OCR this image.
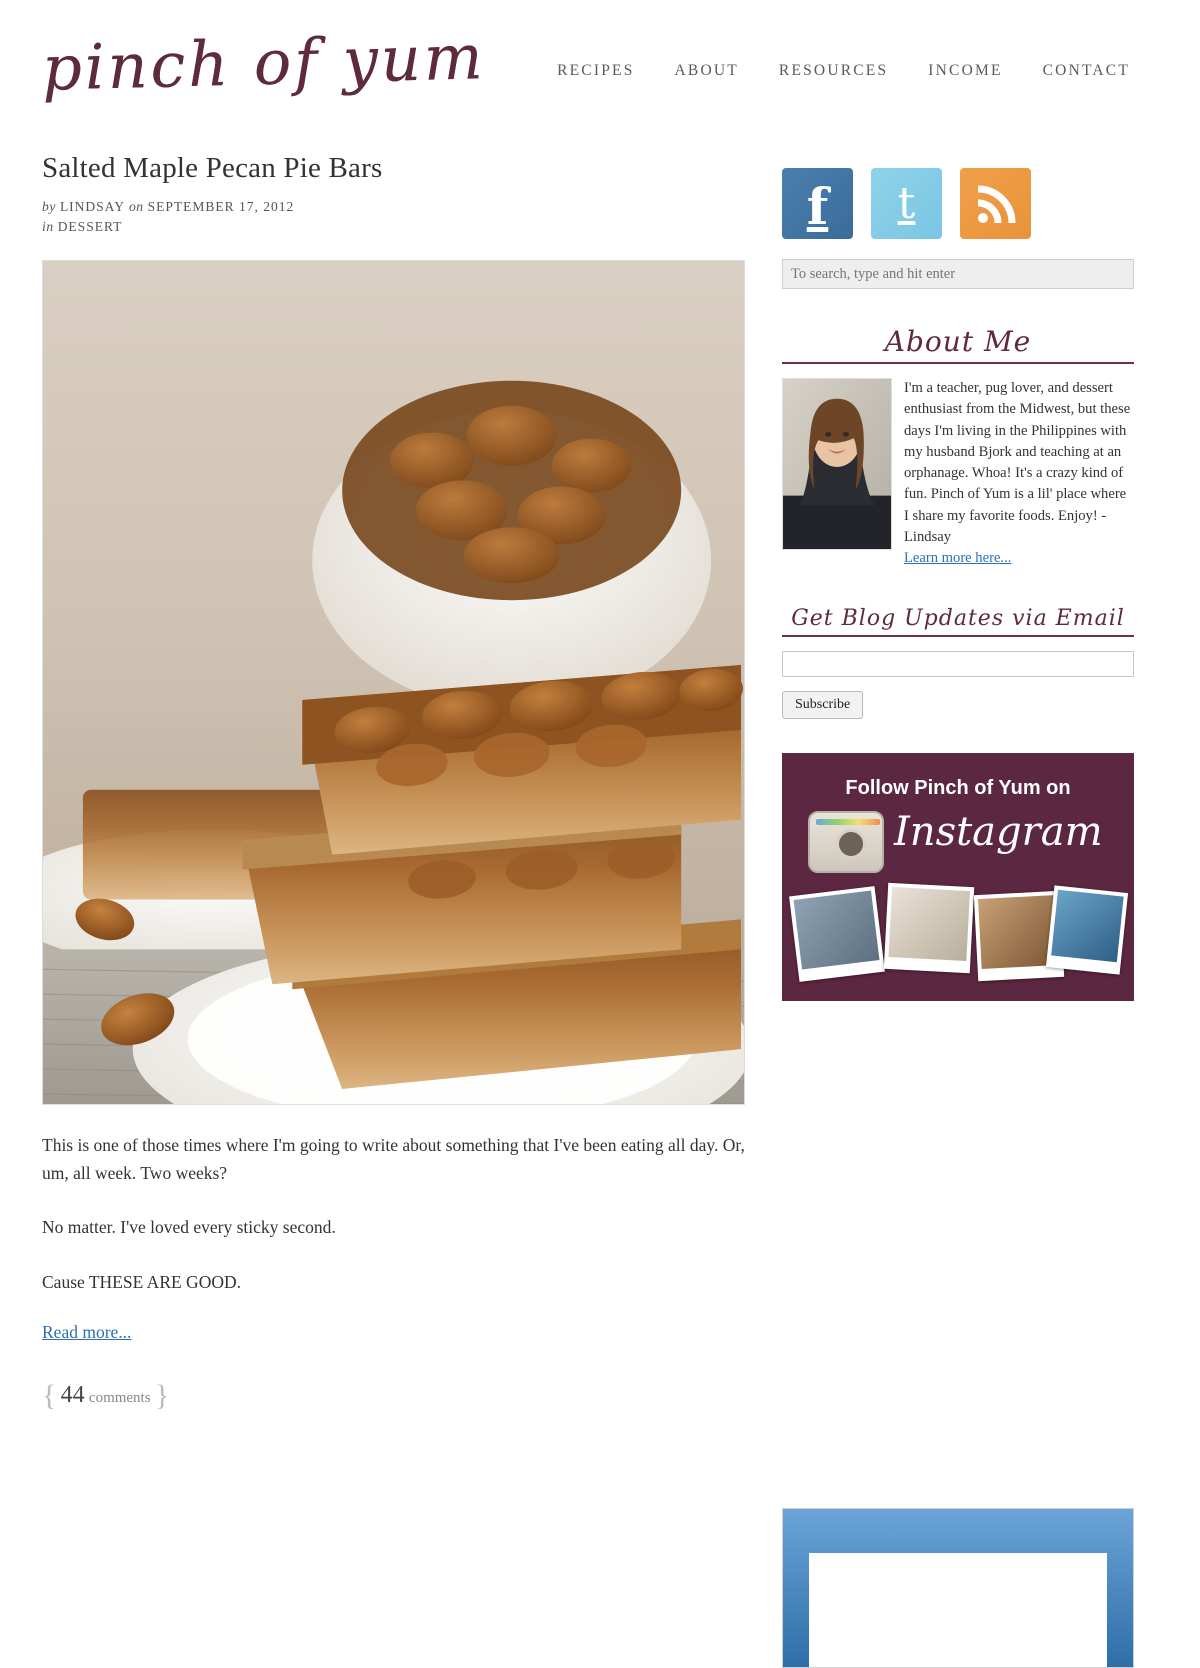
pinch of yum	RECIPES	ABOUT	RESOURCES	INCOME	CONTACT
Salted Maple Pecan Pie Bars
by LINDSAY on SEPTEMBER 17, 2012
in DESSERT

This is one of those times where I'm going to write about something that I've been eating all day. Or, um, all week. Two weeks?

No matter. I've loved every sticky second.

Cause THESE ARE GOOD.

Read more...
{ 44 comments }
f t
To search, type and hit enter
About Me
I'm a teacher, pug lover, and dessert enthusiast from the Midwest, but these days I'm living in the Philippines with my husband Bjork and teaching at an orphanage. Whoa! It's a crazy kind of fun. Pinch of Yum is a lil' place where I share my favorite foods. Enjoy! -Lindsay
Learn more here...
Get Blog Updates via Email
Subscribe
Follow Pinch of Yum on
Instagram
